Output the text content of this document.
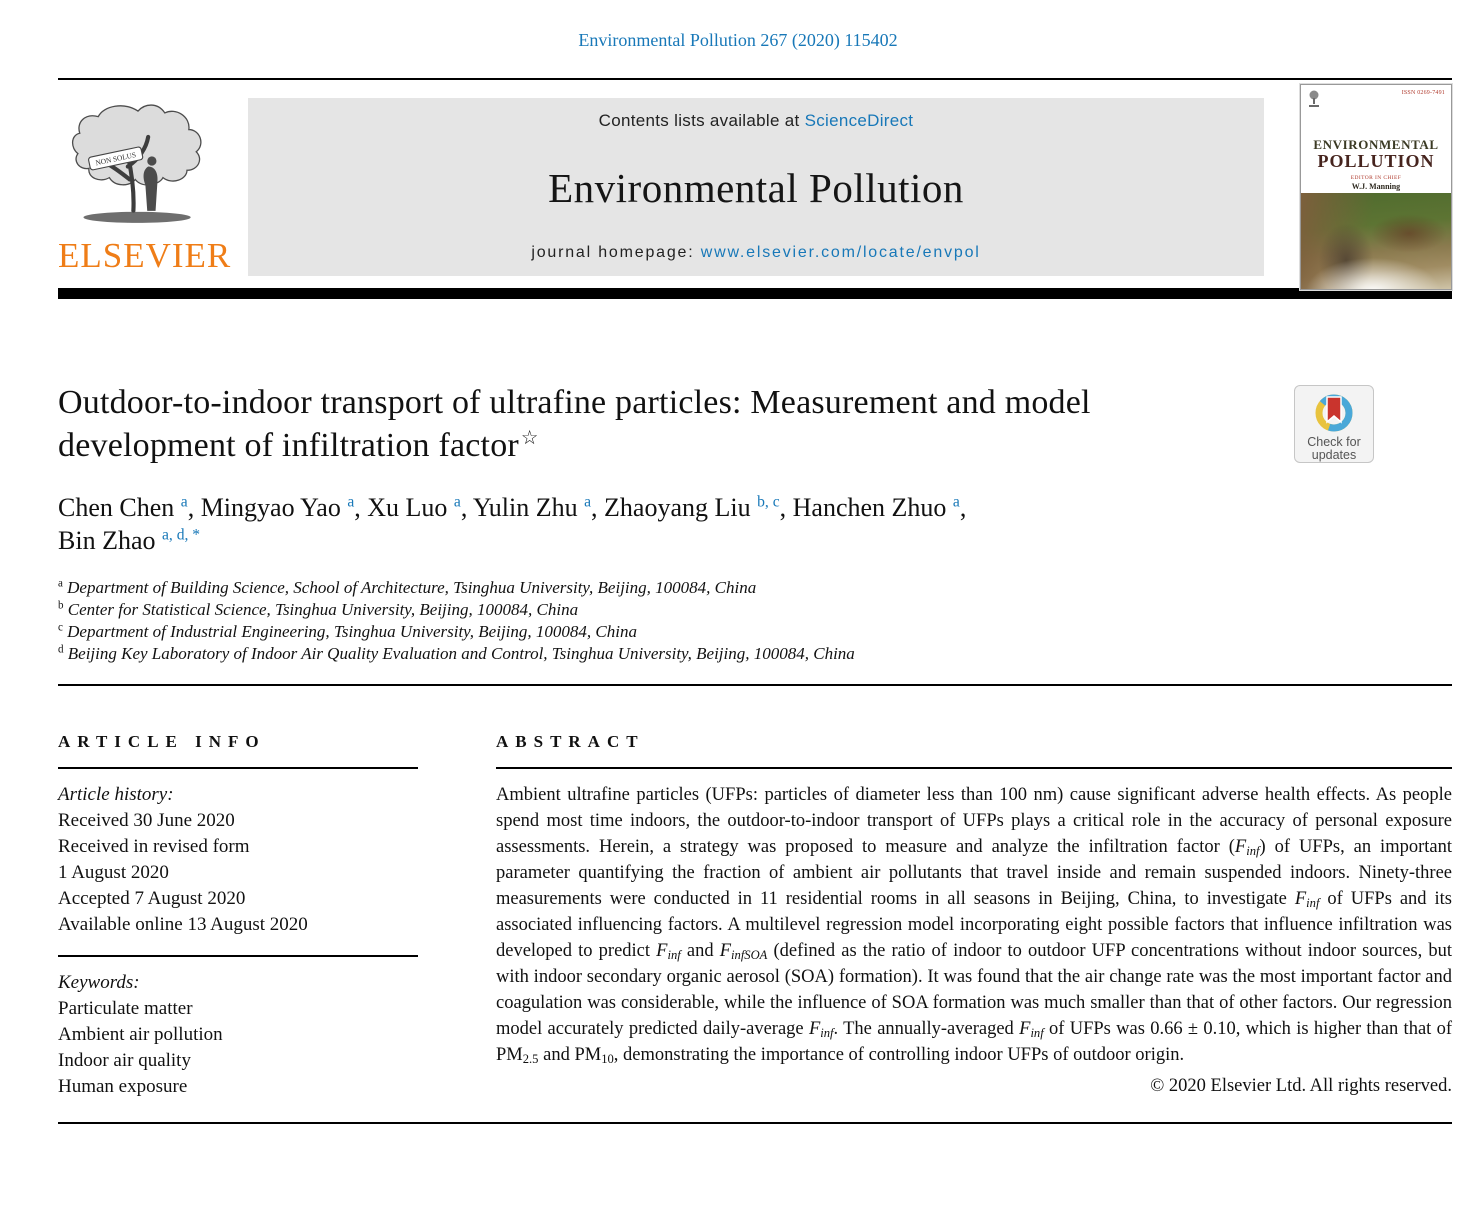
Environmental Pollution 267 (2020) 115402
NON SOLUS
ELSEVIER
Contents lists available at ScienceDirect
Environmental Pollution
journal homepage: www.elsevier.com/locate/envpol
ISSN 0269-7491
ENVIRONMENTAL
POLLUTION
EDITOR IN CHIEF
W.J. Manning
Outdoor-to-indoor transport of ultrafine particles: Measurement and model development of infiltration factor ☆	Check for updates
Chen Chen $^a$, Mingyao Yao $^a$, Xu Luo $^a$, Yulin Zhu $^a$, Zhaoyang Liu $^{b, c}$, Hanchen Zhuo $^a$,
Bin Zhao $^{a, d, *}$
$^a$ Department of Building Science, School of Architecture, Tsinghua University, Beijing, 100084, China
$^b$ Center for Statistical Science, Tsinghua University, Beijing, 100084, China
$^c$ Department of Industrial Engineering, Tsinghua University, Beijing, 100084, China
$^d$ Beijing Key Laboratory of Indoor Air Quality Evaluation and Control, Tsinghua University, Beijing, 100084, China
ARTICLE INFO
Article history:
Received 30 June 2020
Received in revised form
1 August 2020
Accepted 7 August 2020
Available online 13 August 2020
Keywords:
Particulate matter
Ambient air pollution
Indoor air quality
Human exposure
ABSTRACT

Ambient ultrafine particles (UFPs: particles of diameter less than 100 nm) cause significant adverse health effects. As people spend most time indoors, the outdoor-to-indoor transport of UFPs plays a critical role in the accuracy of personal exposure assessments. Herein, a strategy was proposed to measure and analyze the infiltration factor $(F_{inf})$ of UFPs, an important parameter quantifying the fraction of ambient air pollutants that travel inside and remain suspended indoors. Ninety-three measurements were conducted in 11 residential rooms in all seasons in Beijing, China, to investigate $F_{inf}$ of UFPs and its associated influencing factors. A multilevel regression model incorporating eight possible factors that influence infiltration was developed to predict $F_{inf}$ and $F_{infSOA}$ (defined as the ratio of indoor to outdoor UFP concentrations without indoor sources, but with indoor secondary organic aerosol (SOA) formation). It was found that the air change rate was the most important factor and coagulation was considerable, while the influence of SOA formation was much smaller than that of other factors. Our regression model accurately predicted daily-average $F_{inf}$. The annually-averaged $F_{inf}$ of UFPs was 0.66 ± 0.10, which is higher than that of $PM_{2.5}$ and $PM_{10}$, demonstrating the importance of controlling indoor UFPs of outdoor origin.

© 2020 Elsevier Ltd. All rights reserved.
